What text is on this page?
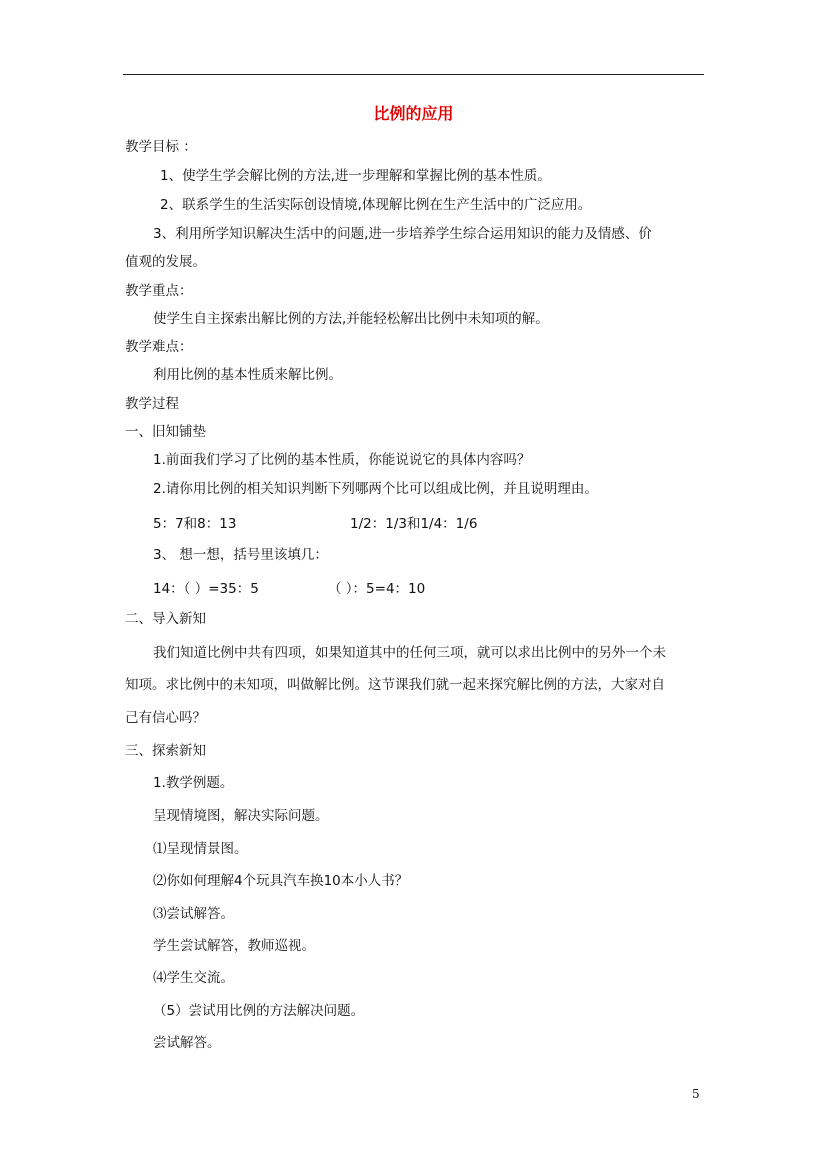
比例的应用
教学目标 ：
1、使学生学会解比例的方法,进一步理解和掌握比例的基本性质。
2、联系学生的生活实际创设情境,体现解比例在生产生活中的广泛应用。
3、利用所学知识解决生活中的问题,进一步培养学生综合运用知识的能力及情感、价
值观的发展。
教学重点：
使学生自主探索出解比例的方法,并能轻松解出比例中未知项的解。
教学难点：
利用比例的基本性质来解比例。
教学过程
一、旧知铺垫
1.前面我们学习了比例的基本性质，你能说说它的具体内容吗？
2.请你用比例的相关知识判断下列哪两个比可以组成比例，并且说明理由。
5：7和8：13	1/2：1/3和1/4：1/6
3、 想一想，括号里该填几：
14：（ ）=35：5	（ ）：5=4：10
二、导入新知
我们知道比例中共有四项，如果知道其中的任何三项，就可以求出比例中的另外一个未
知项。求比例中的未知项，叫做解比例。这节课我们就一起来探究解比例的方法，大家对自
己有信心吗？
三、探索新知
1.教学例题。
呈现情境图，解决实际问题。
⑴呈现情景图。
⑵你如何理解4个玩具汽车换10本小人书？
⑶尝试解答。
学生尝试解答，教师巡视。
⑷学生交流。
（5）尝试用比例的方法解决问题。
尝试解答。
5
